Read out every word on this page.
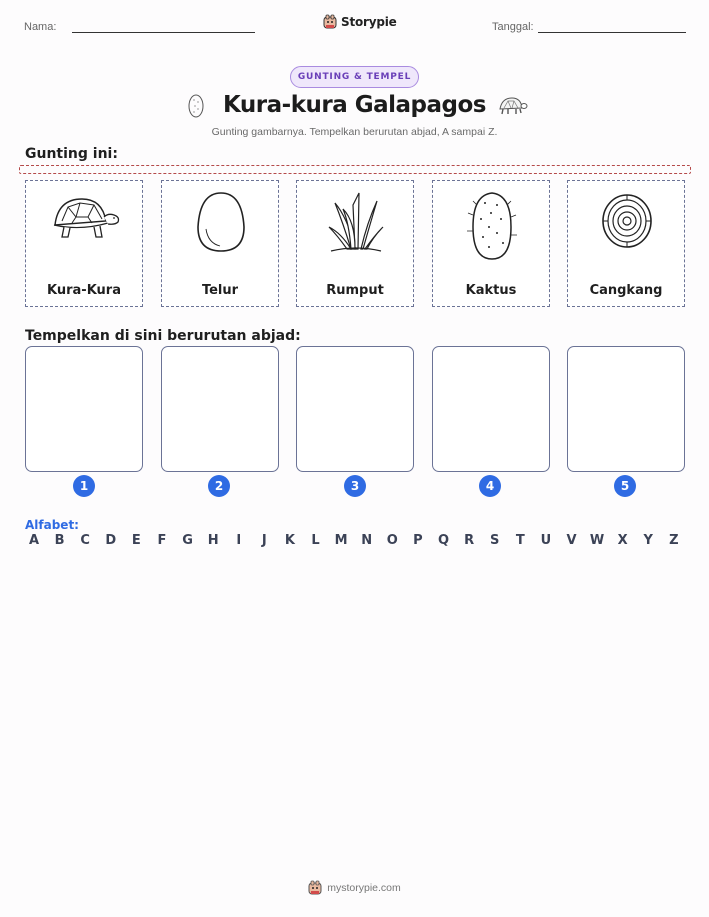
Nama:	Storypie	Tanggal:
GUNTING & TEMPEL
Kura-kura Galapagos
Gunting gambarnya. Tempelkan berurutan abjad, A sampai Z.
Gunting ini:
Kura-Kura	Telur	Rumput	Kaktus	Cangkang
Tempelkan di sini berurutan abjad:
1	2	3	4	5
Alfabet:
A	B	C	D	E	F	G	H	I	J	K	L	M	N	O	P	Q	R	S	T	U	V	W	X	Y	Z
mystorypie.com
